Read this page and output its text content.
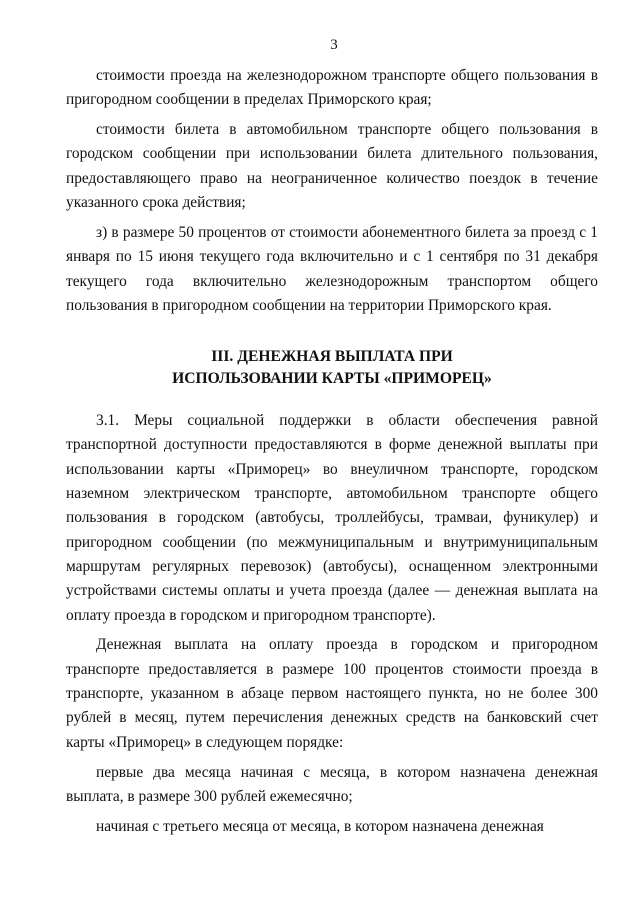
3

стоимости проезда на железнодорожном транспорте общего пользования в пригородном сообщении в пределах Приморского края;

стоимости билета в автомобильном транспорте общего пользования в городском сообщении при использовании билета длительного пользования, предоставляющего право на неограниченное количество поездок в течение указанного срока действия;

з) в размере 50 процентов от стоимости абонементного билета за проезд с 1 января по 15 июня текущего года включительно и с 1 сентября по 31 декабря текущего года включительно железнодорожным транспортом общего пользования в пригородном сообщении на территории Приморского края.

III. ДЕНЕЖНАЯ ВЫПЛАТА ПРИ
ИСПОЛЬЗОВАНИИ КАРТЫ «ПРИМОРЕЦ»

3.1. Меры социальной поддержки в области обеспечения равной транспортной доступности предоставляются в форме денежной выплаты при использовании карты «Приморец» во внеуличном транспорте, городском наземном электрическом транспорте, автомобильном транспорте общего пользования в городском (автобусы, троллейбусы, трамваи, фуникулер) и пригородном сообщении (по межмуниципальным и внутримуниципальным маршрутам регулярных перевозок) (автобусы), оснащенном электронными устройствами системы оплаты и учета проезда (далее — денежная выплата на оплату проезда в городском и пригородном транспорте).

Денежная выплата на оплату проезда в городском и пригородном транспорте предоставляется в размере 100 процентов стоимости проезда в транспорте, указанном в абзаце первом настоящего пункта, но не более 300 рублей в месяц, путем перечисления денежных средств на банковский счет карты «Приморец» в следующем порядке:

первые два месяца начиная с месяца, в котором назначена денежная выплата, в размере 300 рублей ежемесячно;

начиная с третьего месяца от месяца, в котором назначена денежная
